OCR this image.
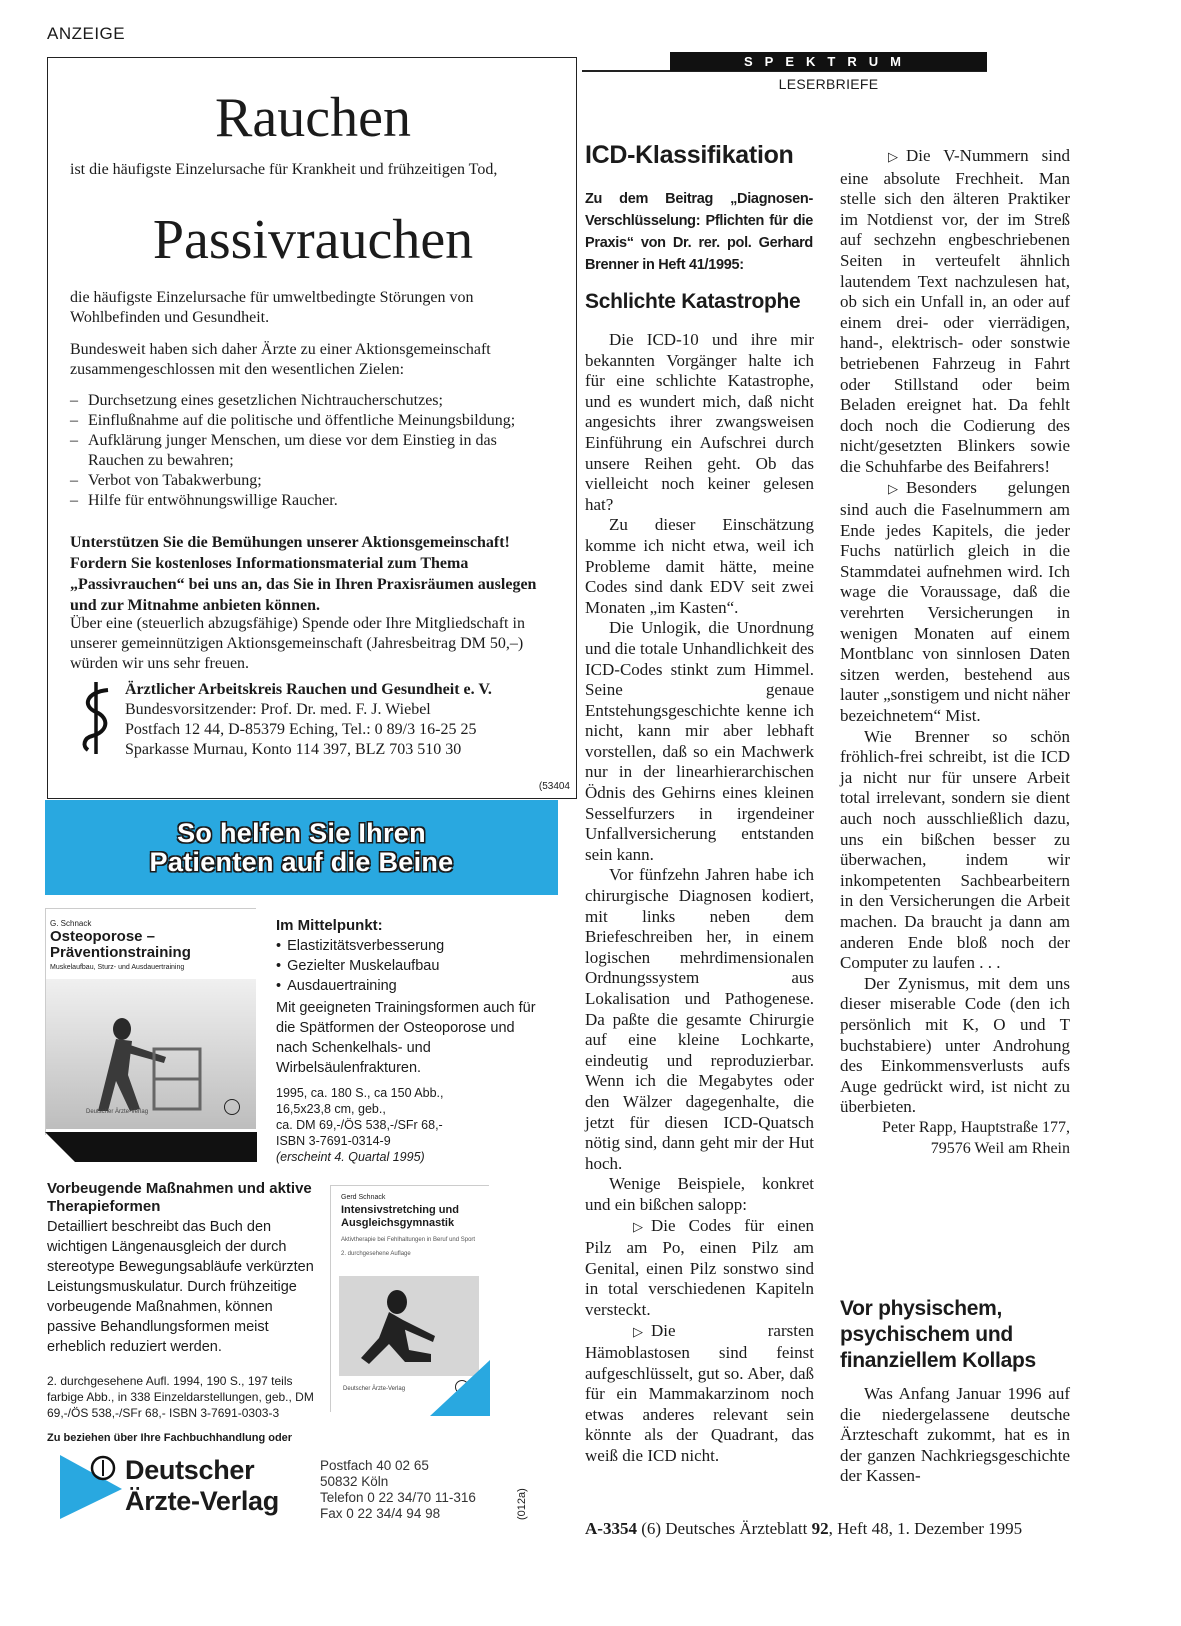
ANZEIGE
Rauchen
ist die häufigste Einzelursache für Krankheit und frühzeitigen Tod,
Passivrauchen
die häufigste Einzelursache für umweltbedingte Störungen von Wohlbefinden und Gesundheit.
Bundesweit haben sich daher Ärzte zu einer Aktionsgemeinschaft zusammengeschlossen mit den wesentlichen Zielen:
– Durchsetzung eines gesetzlichen Nichtraucherschutzes;
– Einflußnahme auf die politische und öffentliche Meinungsbildung;
– Aufklärung junger Menschen, um diese vor dem Einstieg in das Rauchen zu bewahren;
– Verbot von Tabakwerbung;
– Hilfe für entwöhnungswillige Raucher.
Unterstützen Sie die Bemühungen unserer Aktionsgemeinschaft! Fordern Sie kostenloses Informationsmaterial zum Thema „Passivrauchen“ bei uns an, das Sie in Ihren Praxisräumen auslegen und zur Mitnahme anbieten können.
Über eine (steuerlich abzugsfähige) Spende oder Ihre Mitgliedschaft in unserer gemeinnützigen Aktionsgemeinschaft (Jahresbeitrag DM 50,–) würden wir uns sehr freuen.
Ärztlicher Arbeitskreis Rauchen und Gesundheit e. V.
Bundesvorsitzender: Prof. Dr. med. F. J. Wiebel
Postfach 12 44, D-85379 Eching, Tel.: 0 89/3 16-25 25
Sparkasse Murnau, Konto 114 397, BLZ 703 510 30
(53404
SPEKTRUM
LESERBRIEFE
ICD-Klassifikation
Zu dem Beitrag „Diagnosen-Verschlüsselung: Pflichten für die Praxis“ von Dr. rer. pol. Gerhard Brenner in Heft 41/1995:
Schlichte Katastrophe

Die ICD-10 und ihre mir bekannten Vorgänger halte ich für eine schlichte Katastrophe, und es wundert mich, daß nicht angesichts ihrer zwangsweisen Einführung ein Aufschrei durch unsere Reihen geht. Ob das vielleicht noch keiner gelesen hat?

Zu dieser Einschätzung komme ich nicht etwa, weil ich Probleme damit hätte, meine Codes sind dank EDV seit zwei Monaten „im Kasten“.

Die Unlogik, die Unordnung und die totale Unhandlichkeit des ICD-Codes stinkt zum Himmel. Seine genaue Entstehungsgeschichte kenne ich nicht, kann mir aber lebhaft vorstellen, daß so ein Machwerk nur in der linearhierarchischen Ödnis des Gehirns eines kleinen Sesselfurzers in irgendeiner Unfallversicherung entstanden sein kann.

Vor fünfzehn Jahren habe ich chirurgische Diagnosen kodiert, mit links neben dem Briefeschreiben her, in einem logischen mehrdimensionalen Ordnungssystem aus Lokalisation und Pathogenese. Da paßte die gesamte Chirurgie auf eine kleine Lochkarte, eindeutig und reproduzierbar. Wenn ich die Megabytes oder den Wälzer dagegenhalte, die jetzt für diesen ICD-Quatsch nötig sind, dann geht mir der Hut hoch.

Wenige Beispiele, konkret und ein bißchen salopp:

▷ Die Codes für einen Pilz am Po, einen Pilz am Genital, einen Pilz sonstwo sind in total verschiedenen Kapiteln versteckt.

▷ Die rarsten Hämoblastosen sind feinst aufgeschlüsselt, gut so. Aber, daß für ein Mammakarzinom noch etwas anderes relevant sein könnte als der Quadrant, das weiß die ICD nicht.

▷ Die V-Nummern sind eine absolute Frechheit. Man stelle sich den älteren Praktiker im Notdienst vor, der im Streß auf sechzehn engbeschriebenen Seiten in verteufelt ähnlich lautendem Text nachzulesen hat, ob sich ein Unfall in, an oder auf einem drei- oder vierrädigen, hand-, elektrisch- oder sonstwie betriebenen Fahrzeug in Fahrt oder Stillstand oder beim Beladen ereignet hat. Da fehlt doch noch die Codierung des nicht/gesetzten Blinkers sowie die Schuhfarbe des Beifahrers!

▷ Besonders gelungen sind auch die Faselnummern am Ende jedes Kapitels, die jeder Fuchs natürlich gleich in die Stammdatei aufnehmen wird. Ich wage die Voraussage, daß die verehrten Versicherungen in wenigen Monaten auf einem Montblanc von sinnlosen Daten sitzen werden, bestehend aus lauter „sonstigem und nicht näher bezeichnetem“ Mist.

Wie Brenner so schön fröhlich-frei schreibt, ist die ICD ja nicht nur für unsere Arbeit total irrelevant, sondern sie dient auch noch ausschließlich dazu, uns ein bißchen besser zu überwachen, indem wir inkompetenten Sachbearbeitern in den Versicherungen die Arbeit machen. Da braucht ja dann am anderen Ende bloß noch der Computer zu laufen . . .

Der Zynismus, mit dem uns dieser miserable Code (den ich persönlich mit K, O und T buchstabiere) unter Androhung des Einkommensverlusts aufs Auge gedrückt wird, ist nicht zu überbieten.

Peter Rapp, Hauptstraße 177, 79576 Weil am Rhein

Vor physischem, psychischem und finanziellem Kollaps

Was Anfang Januar 1996 auf die niedergelassene deutsche Ärzteschaft zukommt, hat es in der ganzen Nachkriegsgeschichte der Kassen-

A-3354 (6) Deutsches Ärzteblatt 92, Heft 48, 1. Dezember 1995
So helfen Sie Ihren
Patienten auf die Beine
G. Schnack
Osteoporose – Präventionstraining
Muskelaufbau, Sturz- und Ausdauertraining
Deutscher Ärzte-Verlag
Im Mittelpunkt:
• Elastizitätsverbesserung
• Gezielter Muskelaufbau
• Ausdauertraining
Mit geeigneten Trainingsformen auch für die Spätformen der Osteoporose und nach Schenkelhals- und Wirbelsäulenfrakturen.
1995, ca. 180 S., ca 150 Abb.,
16,5x23,8 cm, geb.,
ca. DM 69,-/ÖS 538,-/SFr 68,-
ISBN 3-7691-0314-9
(erscheint 4. Quartal 1995)
Vorbeugende Maßnahmen und aktive Therapieformen
Detailliert beschreibt das Buch den wichtigen Längenausgleich der durch stereotype Bewegungsabläufe verkürzten Leistungsmuskulatur. Durch frühzeitige vorbeugende Maßnahmen, können passive Behandlungsformen meist erheblich reduziert werden.
2. durchgesehene Aufl. 1994, 190 S., 197 teils farbige Abb., in 338 Einzeldarstellungen, geb., DM 69,-/ÖS 538,-/SFr 68,- ISBN 3-7691-0303-3
Gerd Schnack
Intensivstretching und Ausgleichsgymnastik
Aktivtherapie bei Fehlhaltungen in Beruf und Sport
2. durchgesehene Auflage
Deutscher Ärzte-Verlag
Zu beziehen über Ihre Fachbuchhandlung oder
Deutscher
Ärzte-Verlag
Postfach 40 02 65
50832 Köln
Telefon 0 22 34/70 11-316
Fax 0 22 34/4 94 98	(012a)
